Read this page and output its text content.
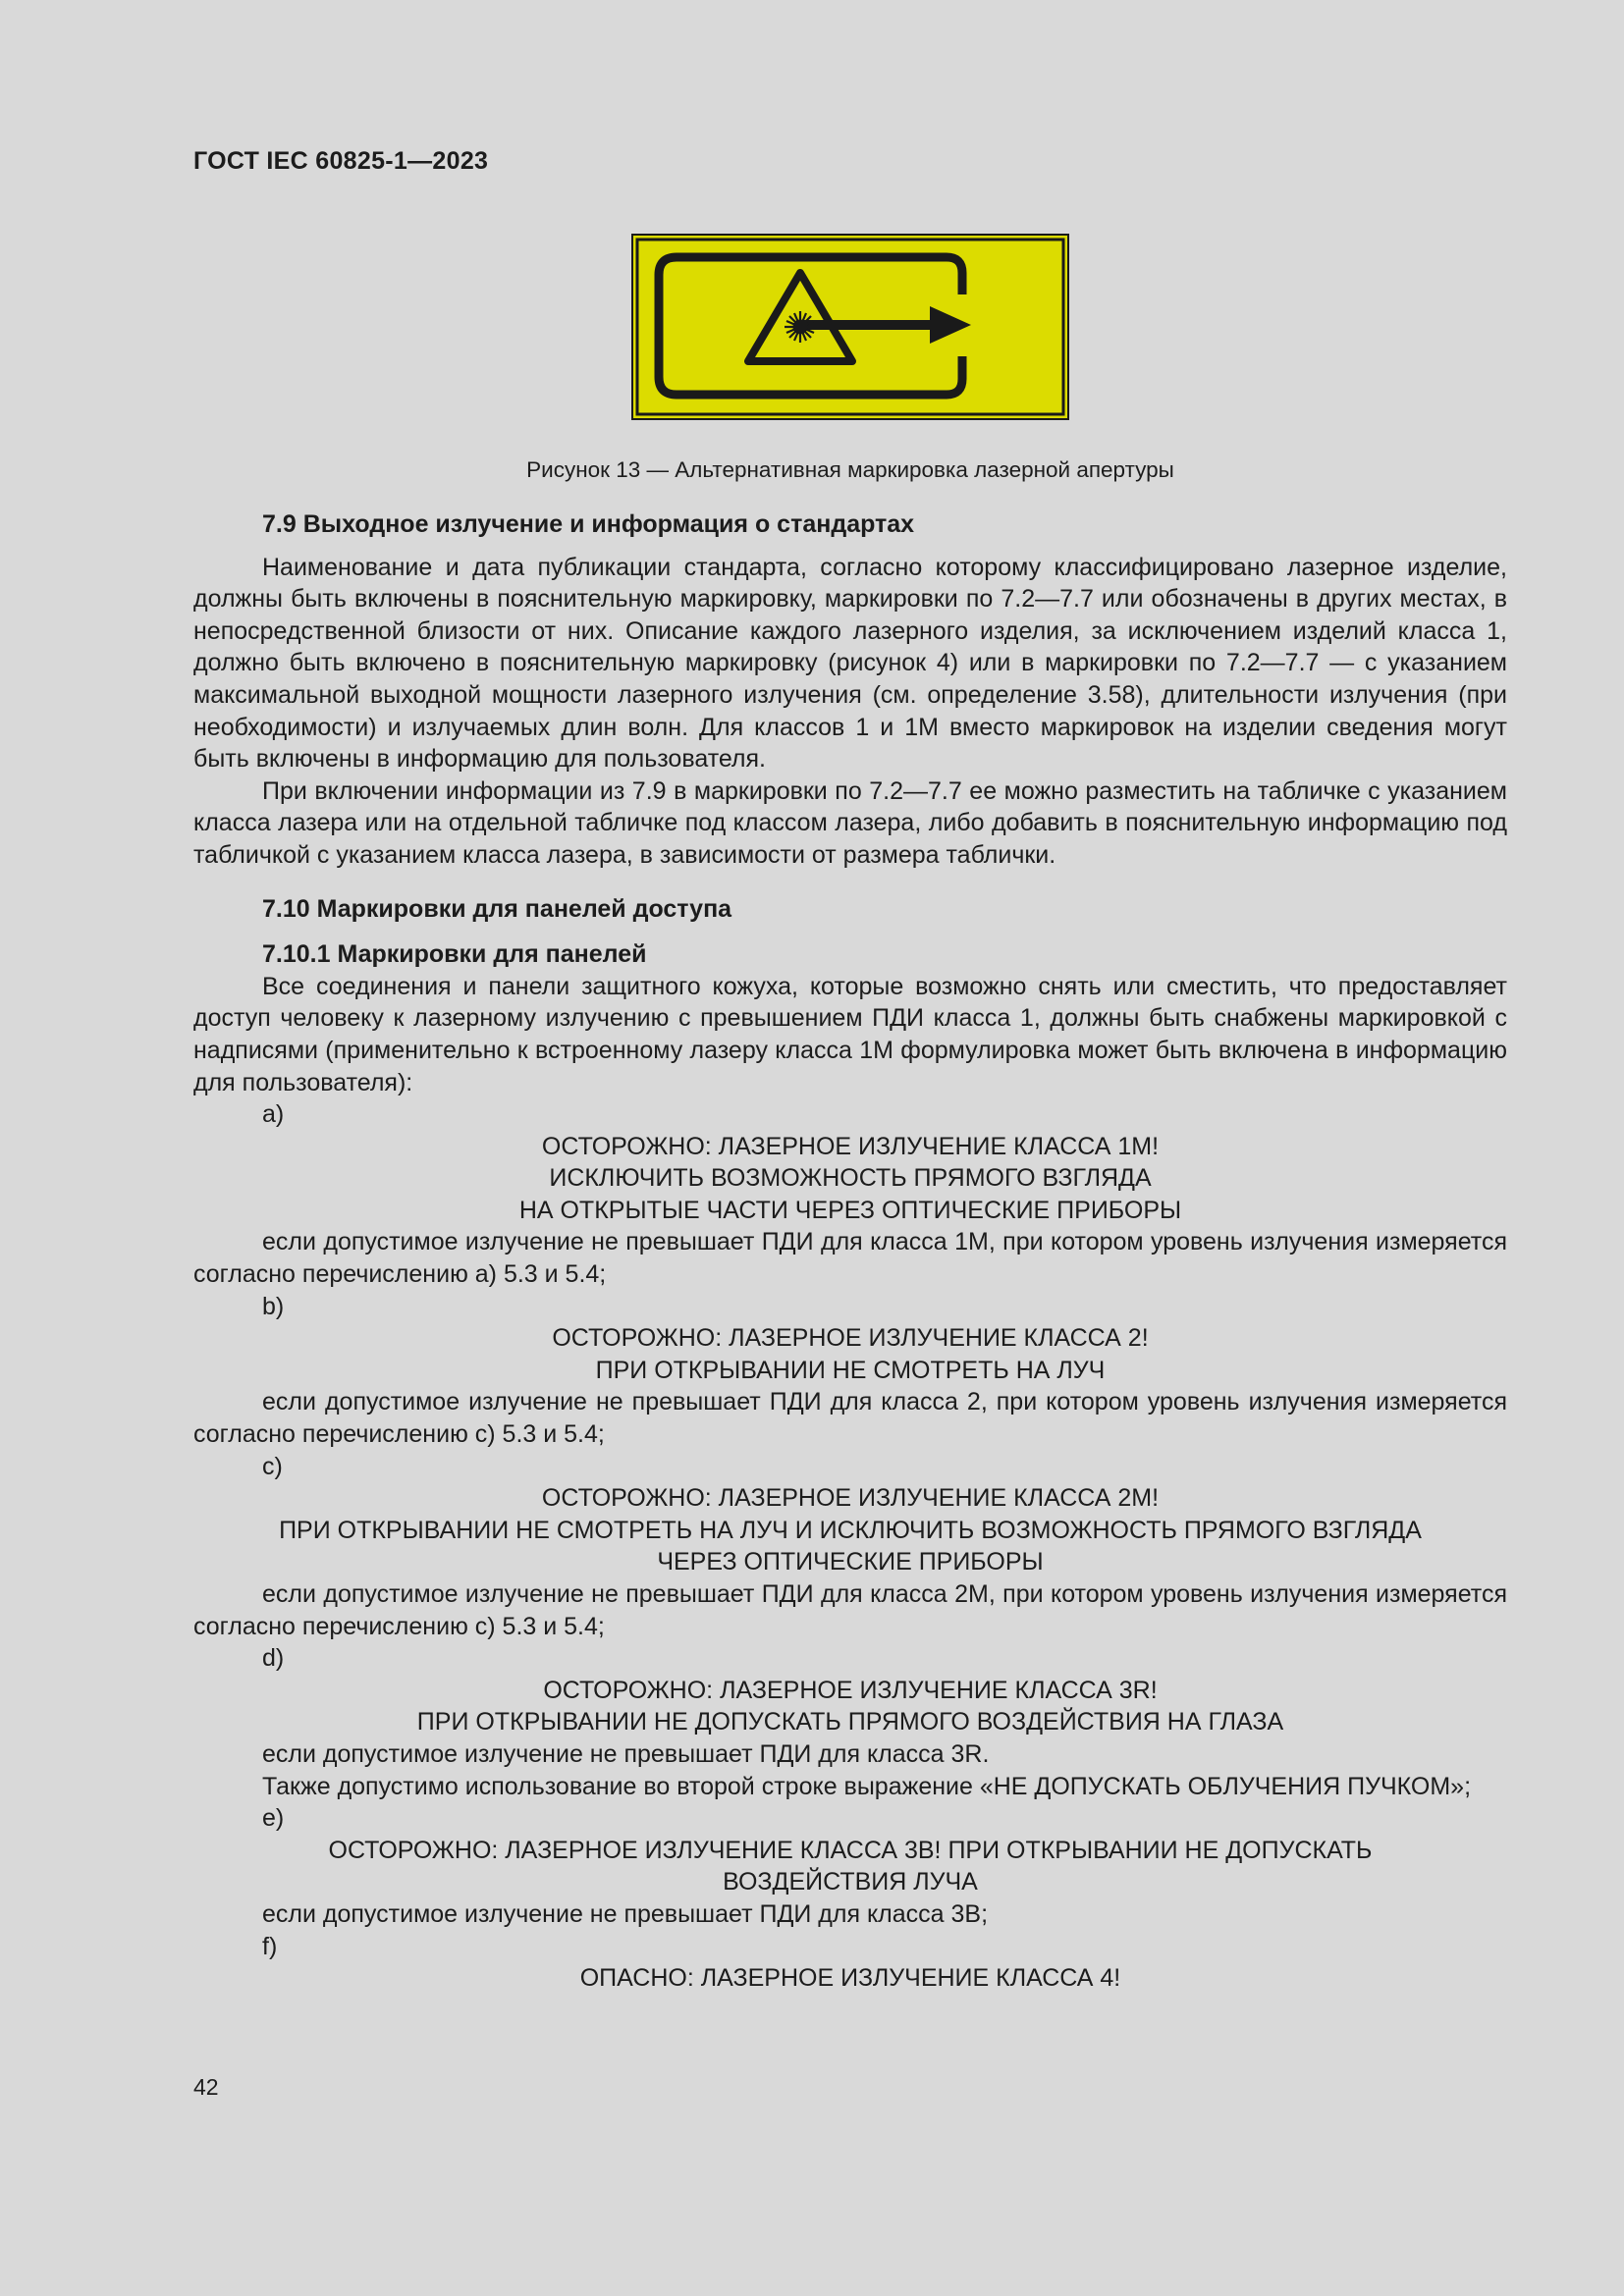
ГОСТ IEC 60825-1—2023
Рисунок 13 — Альтернативная маркировка лазерной апертуры
7.9 Выходное излучение и информация о стандартах

Наименование и дата публикации стандарта, согласно которому классифицировано лазерное изделие, должны быть включены в пояснительную маркировку, маркировки по 7.2—7.7 или обозначены в других местах, в непосредственной близости от них. Описание каждого лазерного изделия, за исключением изделий класса 1, должно быть включено в пояснительную маркировку (рисунок 4) или в маркировки по 7.2—7.7 — с указанием максимальной выходной мощности лазерного излучения (см. определение 3.58), длительности излучения (при необходимости) и излучаемых длин волн. Для классов 1 и 1М вместо маркировок на изделии сведения могут быть включены в информацию для пользователя.

При включении информации из 7.9 в маркировки по 7.2—7.7 ее можно разместить на табличке с указанием класса лазера или на отдельной табличке под классом лазера, либо добавить в пояснительную информацию под табличкой с указанием класса лазера, в зависимости от размера таблички.

7.10 Маркировки для панелей доступа
7.10.1 Маркировки для панелей

Все соединения и панели защитного кожуха, которые возможно снять или сместить, что предоставляет доступ человеку к лазерному излучению с превышением ПДИ класса 1, должны быть снабжены маркировкой с надписями (применительно к встроенному лазеру класса 1М формулировка может быть включена в информацию для пользователя):

a)
ОСТОРОЖНО: ЛАЗЕРНОЕ ИЗЛУЧЕНИЕ КЛАССА 1М!
ИСКЛЮЧИТЬ ВОЗМОЖНОСТЬ ПРЯМОГО ВЗГЛЯДА
НА ОТКРЫТЫЕ ЧАСТИ ЧЕРЕЗ ОПТИЧЕСКИЕ ПРИБОРЫ

если допустимое излучение не превышает ПДИ для класса 1М, при котором уровень излучения измеряется согласно перечислению а) 5.3 и 5.4;

b)
ОСТОРОЖНО: ЛАЗЕРНОЕ ИЗЛУЧЕНИЕ КЛАССА 2!
ПРИ ОТКРЫВАНИИ НЕ СМОТРЕТЬ НА ЛУЧ

если допустимое излучение не превышает ПДИ для класса 2, при котором уровень излучения измеряется согласно перечислению с) 5.3 и 5.4;

c)
ОСТОРОЖНО: ЛАЗЕРНОЕ ИЗЛУЧЕНИЕ КЛАССА 2М!
ПРИ ОТКРЫВАНИИ НЕ СМОТРЕТЬ НА ЛУЧ И ИСКЛЮЧИТЬ ВОЗМОЖНОСТЬ ПРЯМОГО ВЗГЛЯДА
ЧЕРЕЗ ОПТИЧЕСКИЕ ПРИБОРЫ

если допустимое излучение не превышает ПДИ для класса 2М, при котором уровень излучения измеряется согласно перечислению с) 5.3 и 5.4;

d)
ОСТОРОЖНО: ЛАЗЕРНОЕ ИЗЛУЧЕНИЕ КЛАССА 3R!
ПРИ ОТКРЫВАНИИ НЕ ДОПУСКАТЬ ПРЯМОГО ВОЗДЕЙСТВИЯ НА ГЛАЗА

если допустимое излучение не превышает ПДИ для класса 3R.

Также допустимо использование во второй строке выражение «НЕ ДОПУСКАТЬ ОБЛУЧЕНИЯ ПУЧКОМ»;

e)
ОСТОРОЖНО: ЛАЗЕРНОЕ ИЗЛУЧЕНИЕ КЛАССА 3В! ПРИ ОТКРЫВАНИИ НЕ ДОПУСКАТЬ
ВОЗДЕЙСТВИЯ ЛУЧА

если допустимое излучение не превышает ПДИ для класса 3В;

f)
ОПАСНО: ЛАЗЕРНОЕ ИЗЛУЧЕНИЕ КЛАССА 4!
42
